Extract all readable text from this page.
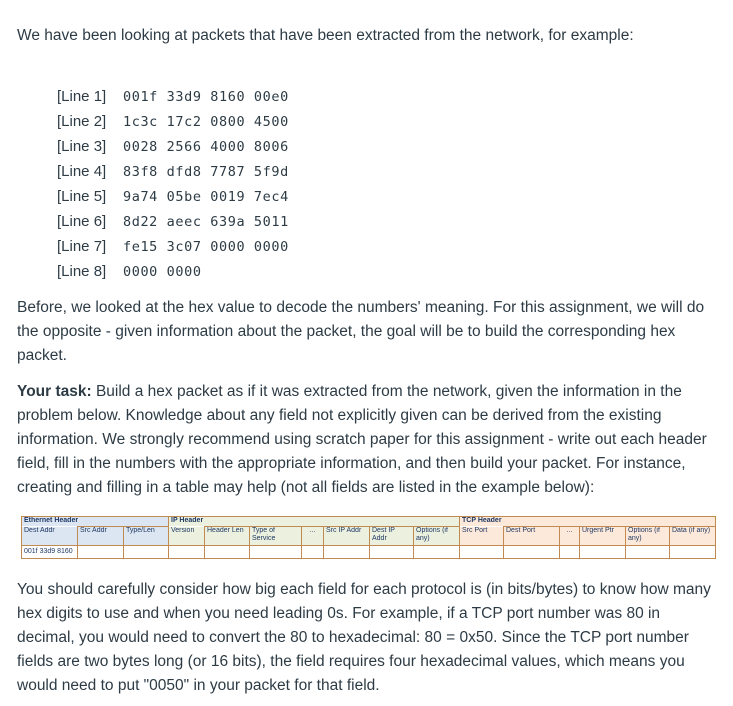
We have been looking at packets that have been extracted from the network, for example:

[Line 1]	001f 33d9 8160 00e0
[Line 2]	1c3c 17c2 0800 4500
[Line 3]	0028 2566 4000 8006
[Line 4]	83f8 dfd8 7787 5f9d
[Line 5]	9a74 05be 0019 7ec4
[Line 6]	8d22 aeec 639a 5011
[Line 7]	fe15 3c07 0000 0000
[Line 8]	0000 0000

Before, we looked at the hex value to decode the numbers' meaning. For this assignment, we will do the opposite - given information about the packet, the goal will be to build the corresponding hex packet.

Your task: Build a hex packet as if it was extracted from the network, given the information in the problem below. Knowledge about any field not explicitly given can be derived from the existing information. We strongly recommend using scratch paper for this assignment - write out each header field, fill in the numbers with the appropriate information, and then build your packet. For instance, creating and filling in a table may help (not all fields are listed in the example below):

Ethernet Header			IP Header							TCP Header					
Dest Addr	Src Addr	Type/Len	Version	Header Len	Type of Service	...	Src IP Addr	Dest IP Addr	Options (if any)	Src Port	Dest Port	...	Urgent Ptr	Options (if any)	Data (if any)
001f 33d9 8160															

You should carefully consider how big each field for each protocol is (in bits/bytes) to know how many hex digits to use and when you need leading 0s. For example, if a TCP port number was 80 in decimal, you would need to convert the 80 to hexadecimal: 80 = 0x50. Since the TCP port number fields are two bytes long (or 16 bits), the field requires four hexadecimal values, which means you would need to put "0050" in your packet for that field.
